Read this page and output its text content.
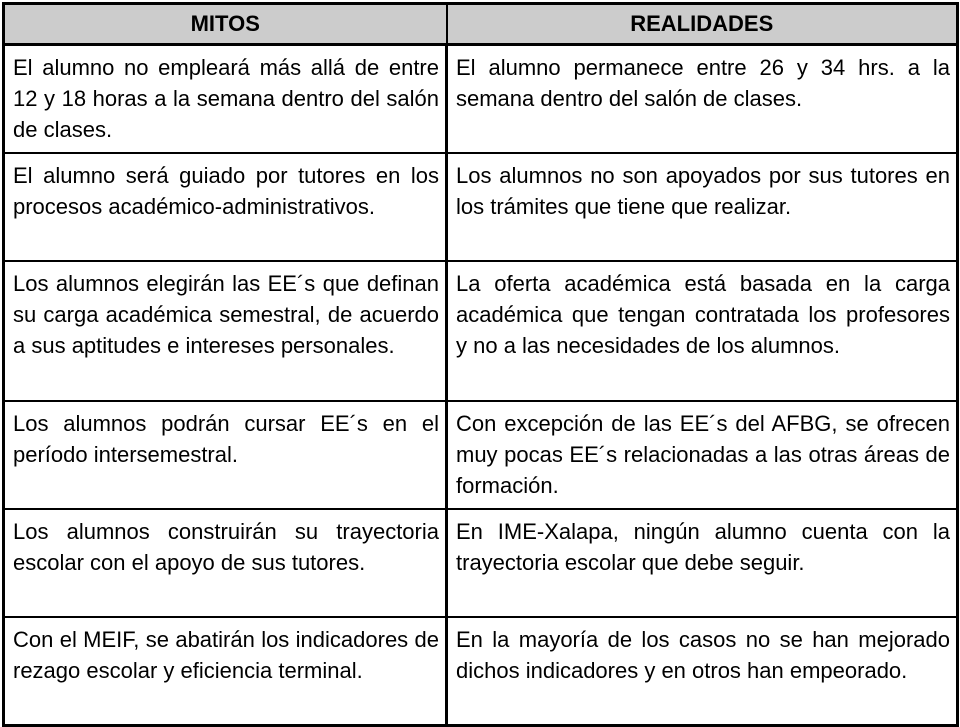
MITOS	REALIDADES
El alumno no empleará más allá de entre 12 y 18 horas a la semana dentro del salón de clases.	El alumno permanece entre 26 y 34 hrs. a la semana dentro del salón de clases.
El alumno será guiado por tutores en los procesos académico-administrativos.	Los alumnos no son apoyados por sus tutores en los trámites que tiene que realizar.
Los alumnos elegirán las EE´s que definan su carga académica semestral, de acuerdo a sus aptitudes e intereses personales.	La oferta académica está basada en la carga académica que tengan contratada los profesores y no a las necesidades de los alumnos.
Los alumnos podrán cursar EE´s en el período intersemestral.	Con excepción de las EE´s del AFBG, se ofrecen muy pocas EE´s relacionadas a las otras áreas de formación.
Los alumnos construirán su trayectoria escolar con el apoyo de sus tutores.	En IME-Xalapa, ningún alumno cuenta con la trayectoria escolar que debe seguir.
Con el MEIF, se abatirán los indicadores de rezago escolar y eficiencia terminal.	En la mayoría de los casos no se han mejorado dichos indicadores y en otros han empeorado.
